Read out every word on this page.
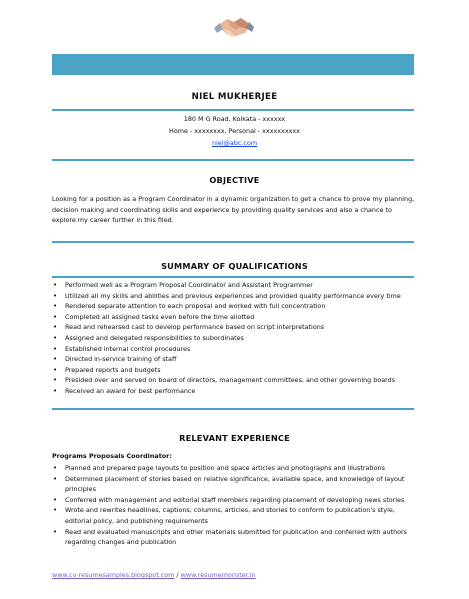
NIEL MUKHERJEE
180 M G Road, Kolkata - xxxxxx
Home - xxxxxxxx, Personal - xxxxxxxxxx
niel@abc.com
OBJECTIVE
Looking for a position as a Program Coordinator in a dynamic organization to get a chance to prove my planning, decision making and coordinating skills and experience by providing quality services and also a chance to explore my career further in this filed.
SUMMARY OF QUALIFICATIONS
• Performed well as a Program Proposal Coordinator and Assistant Programmer
• Utilized all my skills and abilities and previous experiences and provided quality performance every time
• Rendered separate attention to each proposal and worked with full concentration
• Completed all assigned tasks even before the time allotted
• Read and rehearsed cast to develop performance based on script interpretations
• Assigned and delegated responsibilities to subordinates
• Established internal control procedures
• Directed in-service training of staff
• Prepared reports and budgets
• Presided over and served on board of directors, management committees, and other governing boards
• Received an award for best performance
RELEVANT EXPERIENCE
Programs Proposals Coordinator:
• Planned and prepared page layouts to position and space articles and photographs and illustrations
• Determined placement of stories based on relative significance, available space, and knowledge of layout principles
• Conferred with management and editorial staff members regarding placement of developing news stories
• Wrote and rewrites headlines, captions, columns, articles, and stories to conform to publication's style, editorial policy, and publishing requirements
• Read and evaluated manuscripts and other materials submitted for publication and conferred with authors regarding changes and publication
www.cv-resumesamples.blogspot.com / www.resumemonster.in
